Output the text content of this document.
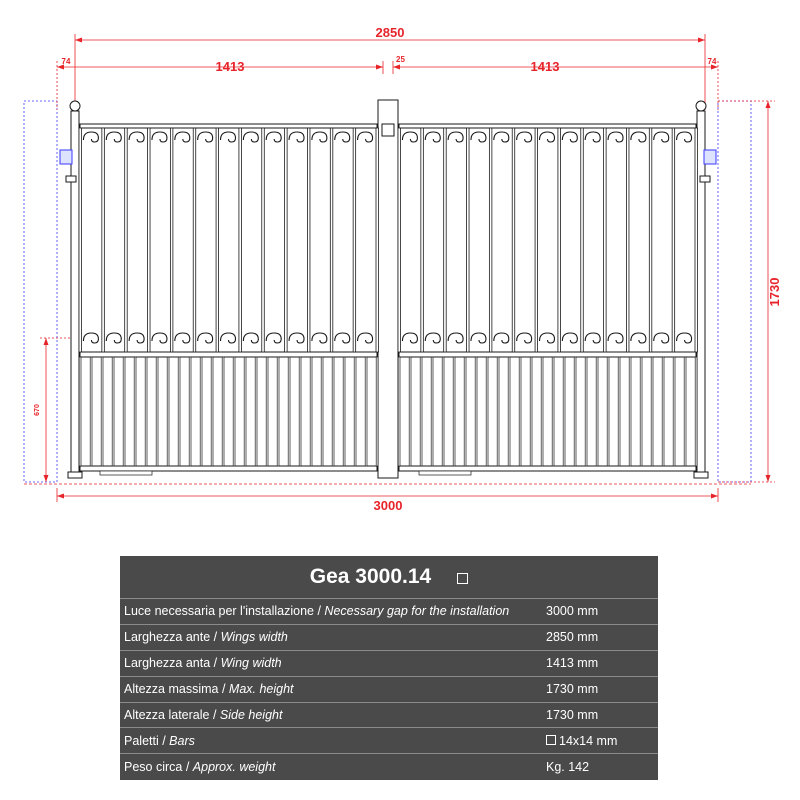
2850
74	74
1413	1413
25
1730
670
3000
Gea 3000.14
Luce necessaria per l'installazione / Necessary gap for the installation	3000 mm
Larghezza ante / Wings width	2850 mm
Larghezza anta / Wing width	1413 mm
Altezza massima / Max. height	1730 mm
Altezza laterale / Side height	1730 mm
Paletti / Bars	14x14 mm
Peso circa / Approx. weight	Kg. 142
